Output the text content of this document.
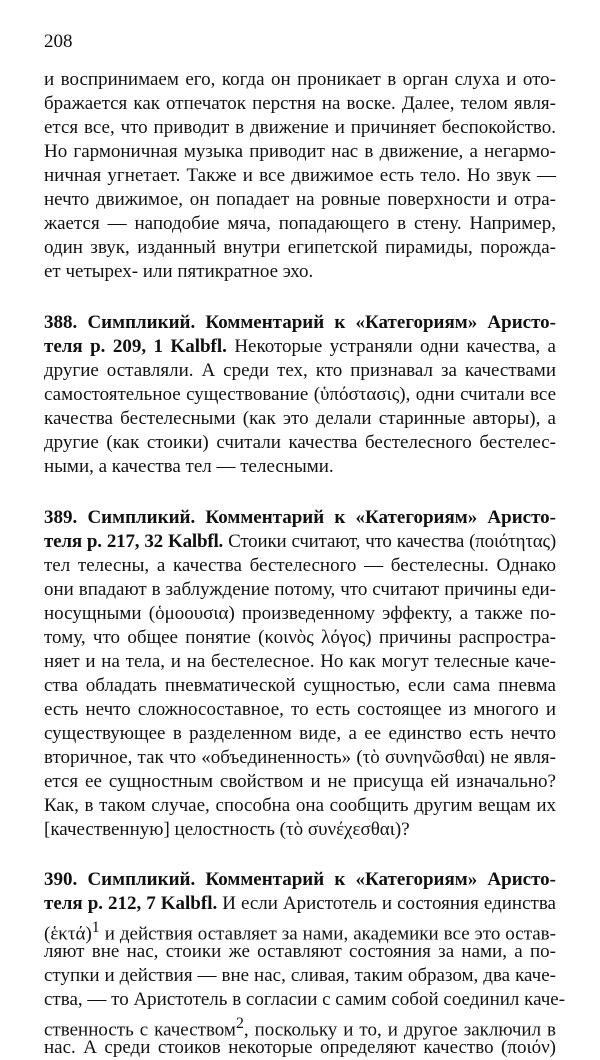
208
и воспринимаем его, когда он проникает в орган слуха и ото-
бражается как отпечаток перстня на воске. Далее, телом явля-
ется все, что приводит в движение и причиняет беспокойство.
Но гармоничная музыка приводит нас в движение, а негармо-
ничная угнетает. Также и все движимое есть тело. Но звук —
нечто движимое, он попадает на ровные поверхности и отра-
жается — наподобие мяча, попадающего в стену. Например,
один звук, изданный внутри египетской пирамиды, порожда-
ет четырех- или пятикратное эхо.
388. Симпликий. Комментарий к «Категориям» Аристо-
теля р. 209, 1 Kalbfl. Некоторые устраняли одни качества, а
другие оставляли. А среди тех, кто признавал за качествами
самостоятельное существование (ὑπόστασις), одни считали все
качества бестелесными (как это делали старинные авторы), а
другие (как стоики) считали качества бестелесного бестелес-
ными, а качества тел — телесными.
389. Симпликий. Комментарий к «Категориям» Аристо-
теля р. 217, 32 Kalbfl. Стоики считают, что качества (ποιότητας)
тел телесны, а качества бестелесного — бестелесны. Однако
они впадают в заблуждение потому, что считают причины еди-
носущными (ὁμοουσια) произведенному эффекту, а также по-
тому, что общее понятие (κοινὸς λόγος) причины распростра-
няет и на тела, и на бестелесное. Но как могут телесные каче-
ства обладать пневматической сущностью, если сама пневма
есть нечто сложносоставное, то есть состоящее из многого и
существующее в разделенном виде, а ее единство есть нечто
вторичное, так что «объединенность» (τὸ συνηνῶσθαι) не явля-
ется ее сущностным свойством и не присуща ей изначально?
Как, в таком случае, способна она сообщить другим вещам их
[качественную] целостность (τὸ συνέχεσθαι)?
390. Симпликий. Комментарий к «Категориям» Аристо-
теля р. 212, 7 Kalbfl. И если Аристотель и состояния единства
(ἑκτά)$^1$ и действия оставляет за нами, академики все это остав-
ляют вне нас, стоики же оставляют состояния за нами, а по-
ступки и действия — вне нас, сливая, таким образом, два каче-
ства, — то Аристотель в согласии с самим собой соединил каче-
ственность с качеством$^2$, поскольку и то, и другое заключил в
нас. А среди стоиков некоторые определяют качество (ποιόν)
